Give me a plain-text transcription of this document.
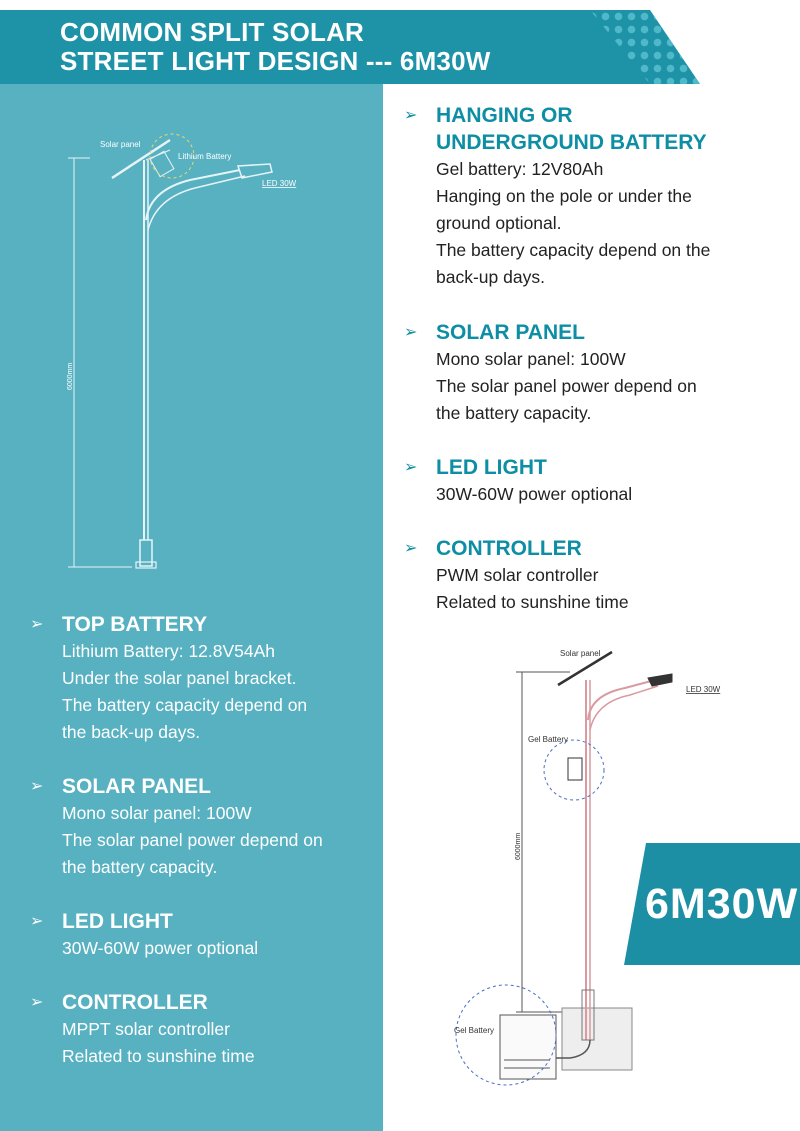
COMMON SPLIT SOLAR
STREET LIGHT DESIGN --- 6M30W
Solar panel
Lithium Battery
LED 30W
6000mm
➢ TOP BATTERY
Lithium Battery: 12.8V54Ah
Under the solar panel bracket.
The battery capacity depend on
the back-up days.
➢ SOLAR PANEL
Mono solar panel: 100W
The solar panel power depend on
the battery capacity.
➢ LED LIGHT
30W-60W power optional
➢ CONTROLLER
MPPT solar controller
Related to sunshine time
➢ HANGING OR
UNDERGROUND BATTERY
Gel battery: 12V80Ah
Hanging on the pole or under the
ground optional.
The battery capacity depend on the
back-up days.
➢ SOLAR PANEL
Mono solar panel: 100W
The solar panel power depend on
the battery capacity.
➢ LED LIGHT
30W-60W power optional
➢ CONTROLLER
PWM solar controller
Related to sunshine time
Solar panel
LED 30W
Gel Battery
Gel Battery
6000mm
6M30W
